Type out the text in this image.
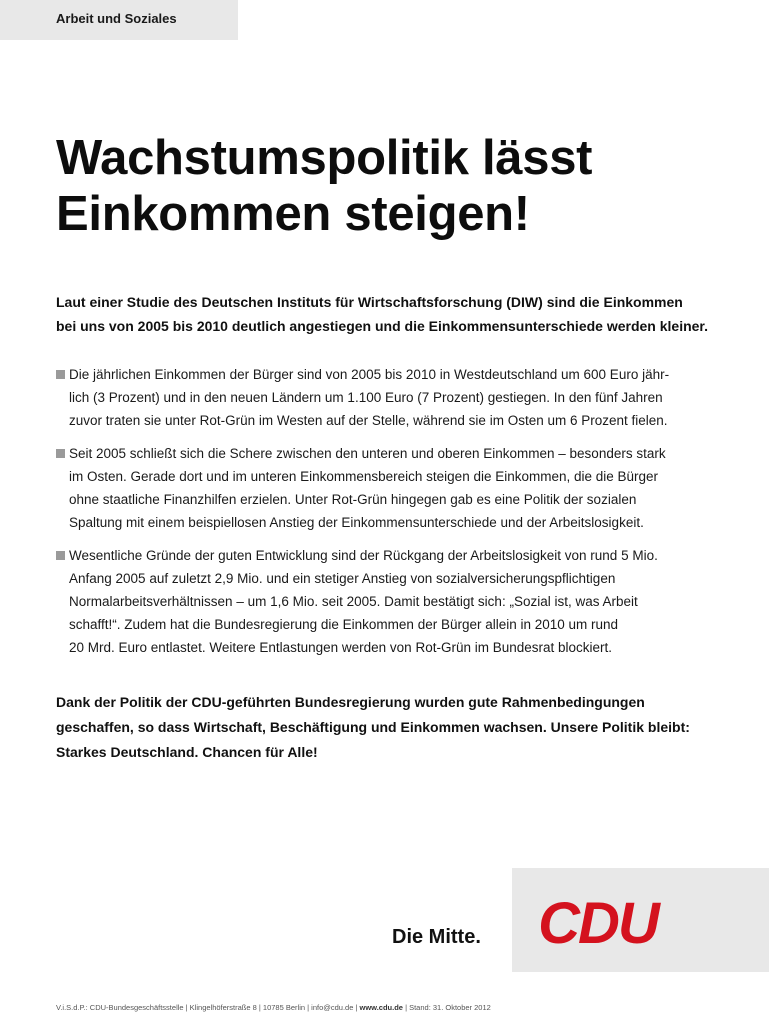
Arbeit und Soziales
Wachstumspolitik lässt
Einkommen steigen!

Laut einer Studie des Deutschen Instituts für Wirtschaftsforschung (DIW) sind die Einkommen
bei uns von 2005 bis 2010 deutlich angestiegen und die Einkommensunterschiede werden kleiner.

Die jährlichen Einkommen der Bürger sind von 2005 bis 2010 in Westdeutschland um 600 Euro jähr-
lich (3 Prozent) und in den neuen Ländern um 1.100 Euro (7 Prozent) gestiegen. In den fünf Jahren
zuvor traten sie unter Rot-Grün im Westen auf der Stelle, während sie im Osten um 6 Prozent fielen.
Seit 2005 schließt sich die Schere zwischen den unteren und oberen Einkommen – besonders stark
im Osten. Gerade dort und im unteren Einkommensbereich steigen die Einkommen, die die Bürger
ohne staatliche Finanzhilfen erzielen. Unter Rot-Grün hingegen gab es eine Politik der sozialen
Spaltung mit einem beispiellosen Anstieg der Einkommensunterschiede und der Arbeitslosigkeit.
Wesentliche Gründe der guten Entwicklung sind der Rückgang der Arbeitslosigkeit von rund 5 Mio.
Anfang 2005 auf zuletzt 2,9 Mio. und ein stetiger Anstieg von sozialversicherungspflichtigen
Normalarbeitsverhältnissen – um 1,6 Mio. seit 2005. Damit bestätigt sich: „Sozial ist, was Arbeit
schafft!“. Zudem hat die Bundesregierung die Einkommen der Bürger allein in 2010 um rund
20 Mrd. Euro entlastet. Weitere Entlastungen werden von Rot-Grün im Bundesrat blockiert.

Dank der Politik der CDU-geführten Bundesregierung wurden gute Rahmenbedingungen
geschaffen, so dass Wirtschaft, Beschäftigung und Einkommen wachsen. Unsere Politik bleibt:
Starkes Deutschland. Chancen für Alle!

Die Mitte. CDU
V.i.S.d.P.: CDU-Bundesgeschäftsstelle | Klingelhöferstraße 8 | 10785 Berlin | info@cdu.de | www.cdu.de | Stand: 31. Oktober 2012
